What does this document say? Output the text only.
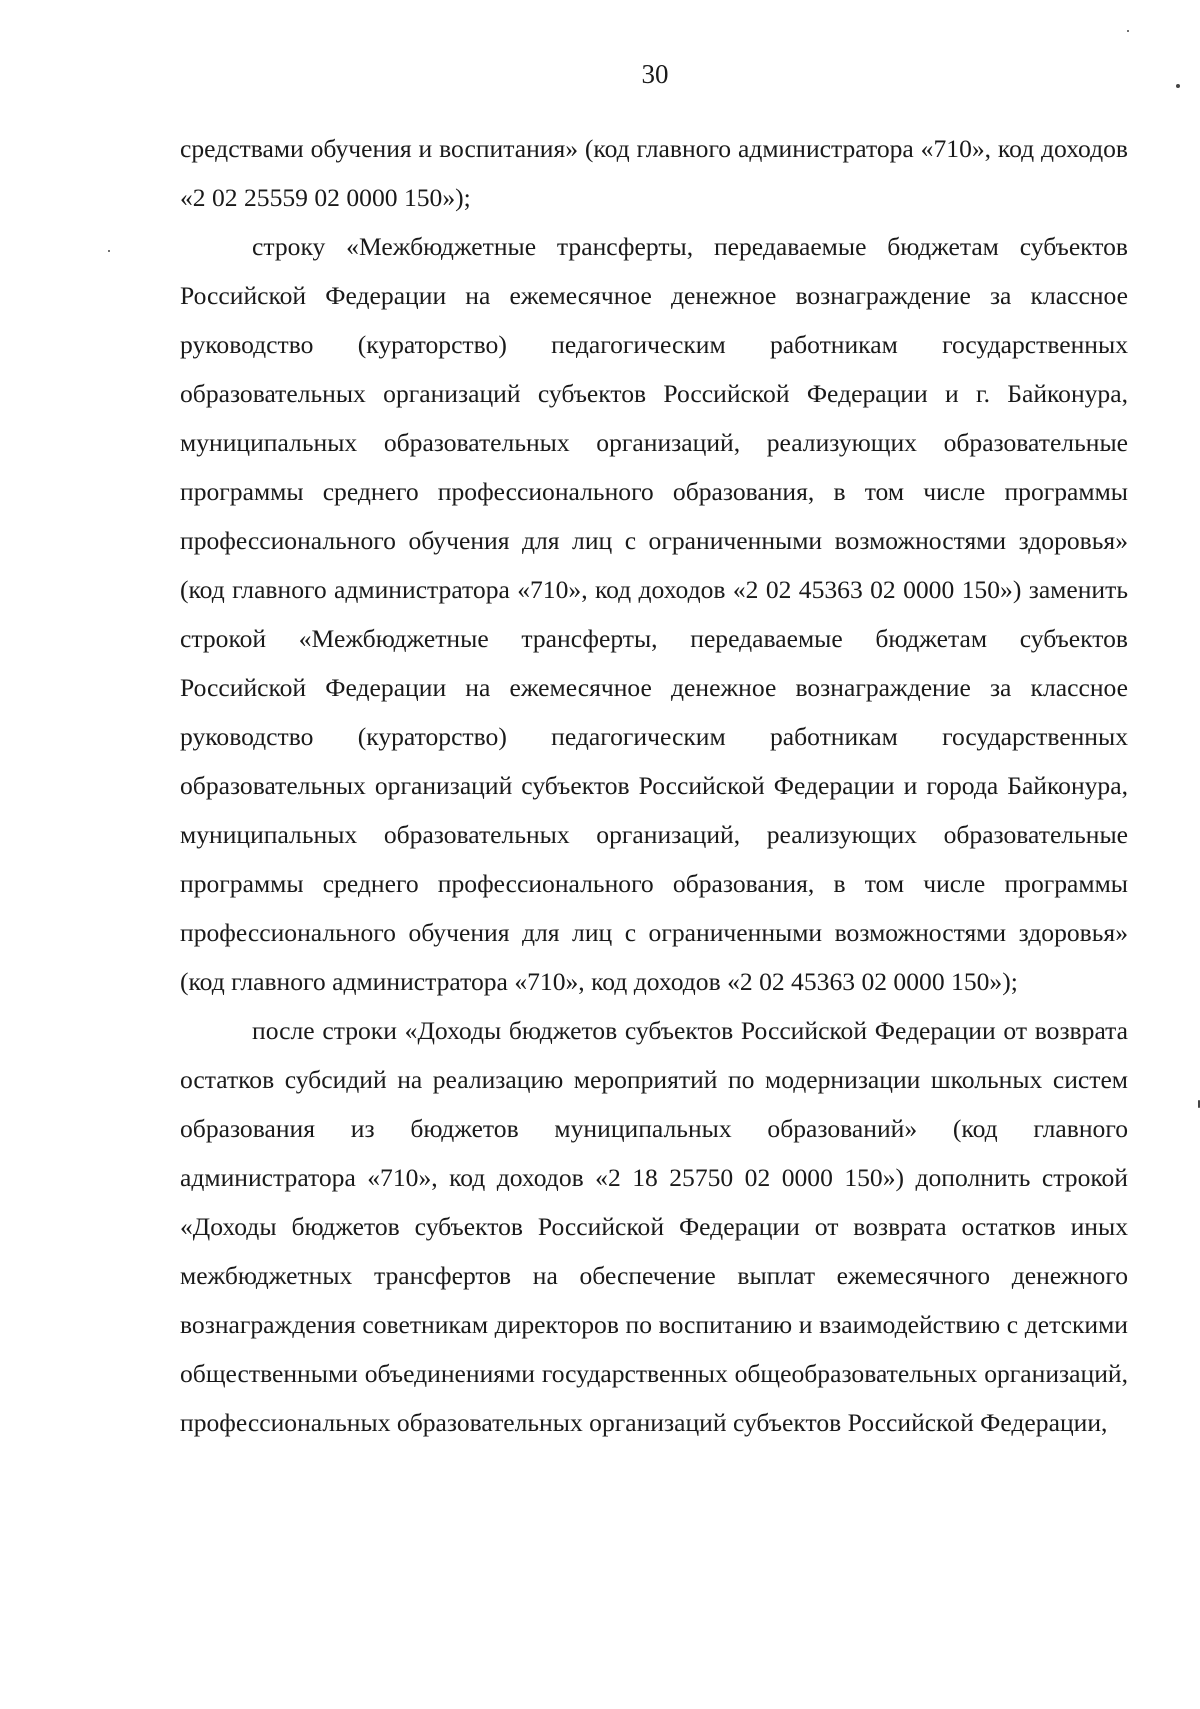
30

средствами обучения и воспитания» (код главного администратора «710», код доходов «2 02 25559 02 0000 150»);

строку «Межбюджетные трансферты, передаваемые бюджетам субъектов Российской Федерации на ежемесячное денежное вознаграждение за классное руководство (кураторство) педагогическим работникам государственных образовательных организаций субъектов Российской Федерации и г. Байконура, муниципальных образовательных организаций, реализующих образовательные программы среднего профессионального образования, в том числе программы профессионального обучения для лиц с ограниченными возможностями здоровья» (код главного администратора «710», код доходов «2 02 45363 02 0000 150») заменить строкой «Межбюджетные трансферты, передаваемые бюджетам субъектов Российской Федерации на ежемесячное денежное вознаграждение за классное руководство (кураторство) педагогическим работникам государственных образовательных организаций субъектов Российской Федерации и города Байконура, муниципальных образовательных организаций, реализующих образовательные программы среднего профессионального образования, в том числе программы профессионального обучения для лиц с ограниченными возможностями здоровья» (код главного администратора «710», код доходов «2 02 45363 02 0000 150»);

после строки «Доходы бюджетов субъектов Российской Федерации от возврата остатков субсидий на реализацию мероприятий по модернизации школьных систем образования из бюджетов муниципальных образований» (код главного администратора «710», код доходов «2 18 25750 02 0000 150») дополнить строкой «Доходы бюджетов субъектов Российской Федерации от возврата остатков иных межбюджетных трансфертов на обеспечение выплат ежемесячного денежного вознаграждения советникам директоров по воспитанию и взаимодействию с детскими общественными объединениями государственных общеобразовательных организаций, профессиональных образовательных организаций субъектов Российской Федерации,
